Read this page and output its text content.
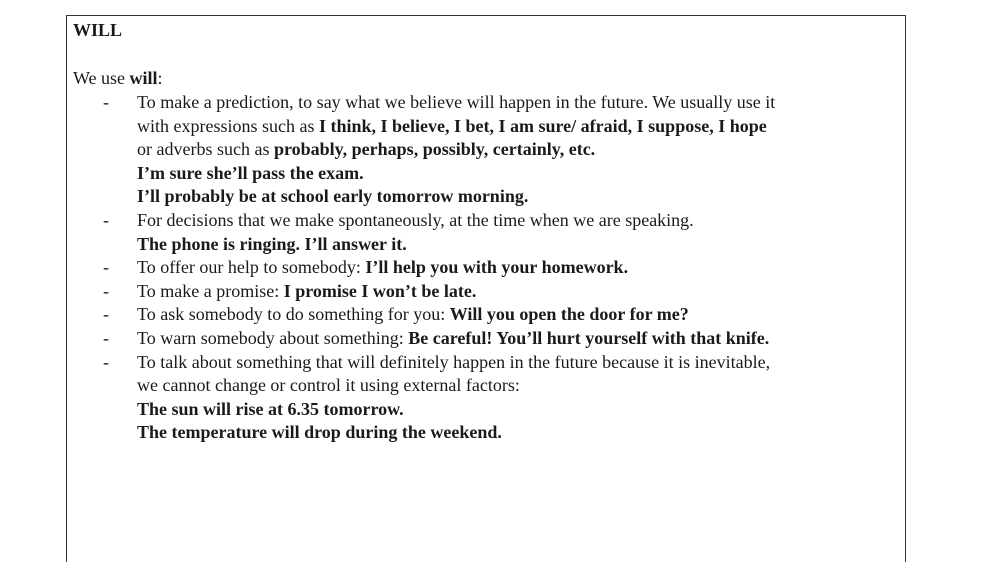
WILL
We use will:
- To make a prediction, to say what we believe will happen in the future. We usually use it
with expressions such as I think, I believe, I bet, I am sure/ afraid, I suppose, I hope
or adverbs such as probably, perhaps, possibly, certainly, etc.
I’m sure she’ll pass the exam.
I’ll probably be at school early tomorrow morning.
- For decisions that we make spontaneously, at the time when we are speaking.
The phone is ringing. I’ll answer it.
- To offer our help to somebody: I’ll help you with your homework.
- To make a promise: I promise I won’t be late.
- To ask somebody to do something for you: Will you open the door for me?
- To warn somebody about something: Be careful! You’ll hurt yourself with that knife.
- To talk about something that will definitely happen in the future because it is inevitable,
we cannot change or control it using external factors:
The sun will rise at 6.35 tomorrow.
The temperature will drop during the weekend.
